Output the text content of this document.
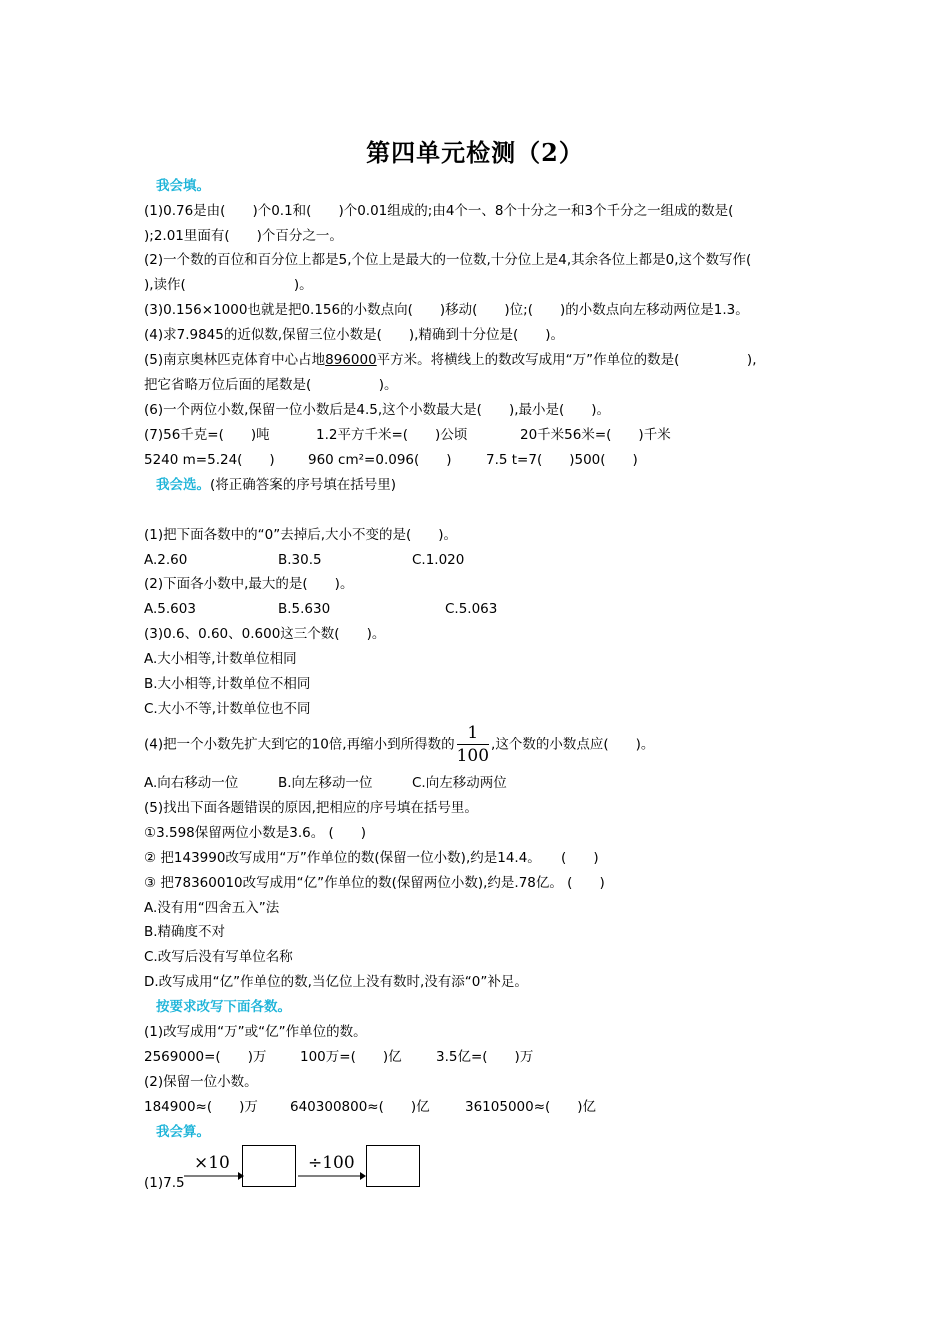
第四单元检测（2）
我会填。
(1)0.76是由(　　)个0.1和(　　)个0.01组成的;由4个一、8个十分之一和3个千分之一组成的数是(
);2.01里面有(　　)个百分之一。
(2)一个数的百位和百分位上都是5,个位上是最大的一位数,十分位上是4,其余各位上都是0,这个数写作(
),读作(　　　　　　　　)。
(3)0.156×1000也就是把0.156的小数点向(　　)移动(　　)位;(　　)的小数点向左移动两位是1.3。
(4)求7.9845的近似数,保留三位小数是(　　),精确到十分位是(　　)。
(5)南京奥林匹克体育中心占地896000平方米。将横线上的数改写成用“万”作单位的数是(　　　　　),
把它省略万位后面的尾数是(　　　　　)。
(6)一个两位小数,保留一位小数后是4.5,这个小数最大是(　　),最小是(　　)。
(7)56千克=(　　)吨	1.2平方千米=(　　)公顷	20千米56米=(　　)千米
5240 m=5.24(　　) 960 cm²=0.096(　　)	7.5 t=7(　　)500(　　)
我会选。(将正确答案的序号填在括号里)
(1)把下面各数中的“0”去掉后,大小不变的是(　　)。
A.2.60	B.30.5	C.1.020
(2)下面各小数中,最大的是(　　)。
A.5.603	B.5.630	C.5.063
(3)0.6、0.60、0.600这三个数(　　)。
A.大小相等,计数单位相同
B.大小相等,计数单位不相同
C.大小不等,计数单位也不同
(4)把一个小数先扩大到它的10倍,再缩小到所得数的 $\frac{1}{100}$ ,这个数的小数点应(　　)。
A.向右移动一位	B.向左移动一位	C.向左移动两位
(5)找出下面各题错误的原因,把相应的序号填在括号里。
①3.598保留两位小数是3.6。 (　　)
② 把143990改写成用“万”作单位的数(保留一位小数),约是14.4。　　(　　)
③ 把78360010改写成用“亿”作单位的数(保留两位小数),约是.78亿。 (　　)
A.没有用“四舍五入”法
B.精确度不对
C.改写后没有写单位名称
D.改写成用“亿”作单位的数,当亿位上没有数时,没有添“0”补足。
按要求改写下面各数。
(1)改写成用“万”或“亿”作单位的数。
2569000=(　　)万 100万=(　　)亿	3.5亿=(　　)万
(2)保留一位小数。
184900≈(　　)万 640300800≈(　　)亿	36105000≈(　　)亿
我会算。
(1)7.5
×10	÷100
